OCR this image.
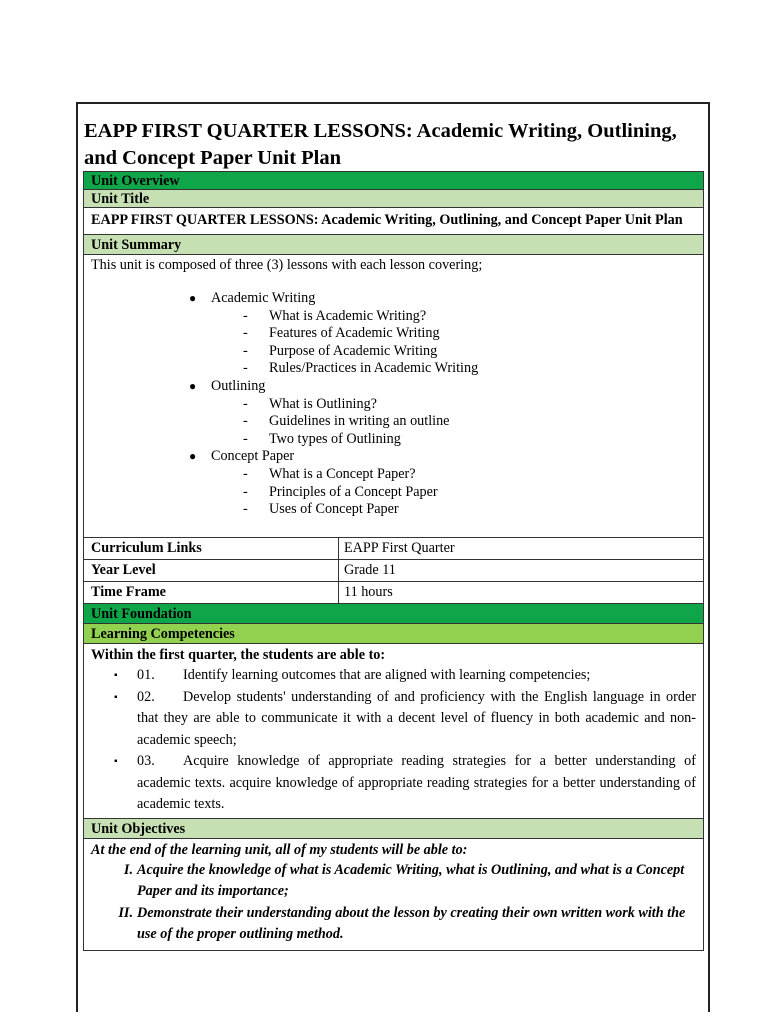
EAPP FIRST QUARTER LESSONS: Academic Writing, Outlining, and Concept Paper Unit Plan
Unit Overview
Unit Title
EAPP FIRST QUARTER LESSONS: Academic Writing, Outlining, and Concept Paper Unit Plan
Unit Summary
This unit is composed of three (3) lessons with each lesson covering;
● Academic Writing
- What is Academic Writing?
- Features of Academic Writing
- Purpose of Academic Writing
- Rules/Practices in Academic Writing
● Outlining
- What is Outlining?
- Guidelines in writing an outline
- Two types of Outlining
● Concept Paper
- What is a Concept Paper?
- Principles of a Concept Paper
- Uses of Concept Paper
Curriculum Links	EAPP First Quarter
Year Level	Grade 11
Time Frame	11 hours
Unit Foundation
Learning Competencies
Within the first quarter, the students are able to:
▪ 01. Identify learning outcomes that are aligned with learning competencies;
▪ 02. Develop students' understanding of and proficiency with the English language in order that they are able to communicate it with a decent level of fluency in both academic and non-academic speech;
▪ 03. Acquire knowledge of appropriate reading strategies for a better understanding of academic texts. acquire knowledge of appropriate reading strategies for a better understanding of academic texts.
Unit Objectives
At the end of the learning unit, all of my students will be able to:
I. Acquire the knowledge of what is Academic Writing, what is Outlining, and what is a Concept Paper and its importance;
II. Demonstrate their understanding about the lesson by creating their own written work with the use of the proper outlining method.
